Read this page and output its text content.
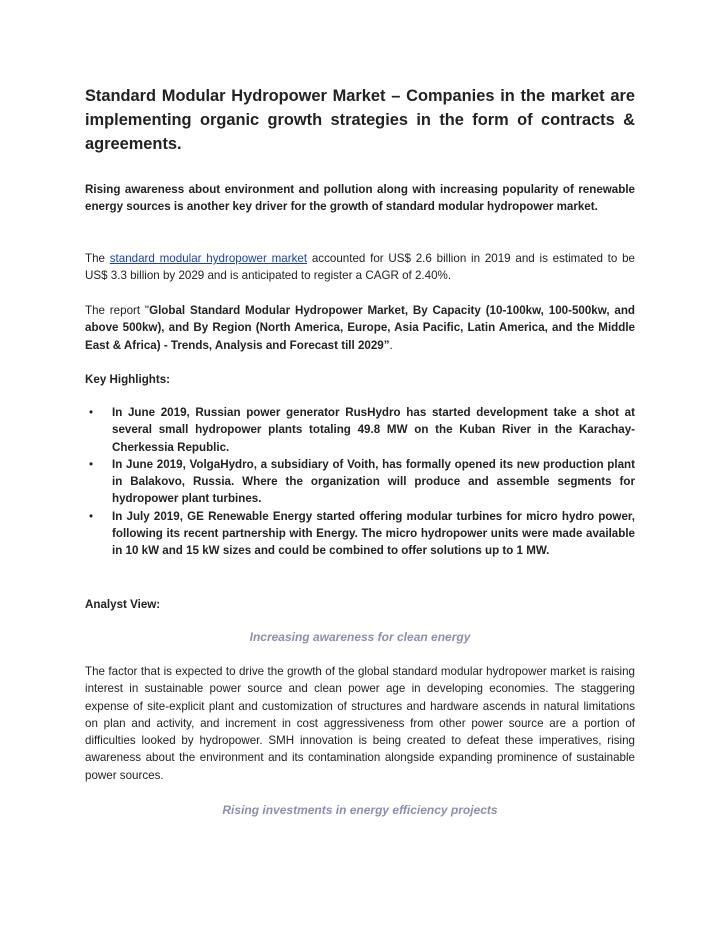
Standard Modular Hydropower Market – Companies in the market are implementing organic growth strategies in the form of contracts & agreements.

Rising awareness about environment and pollution along with increasing popularity of renewable energy sources is another key driver for the growth of standard modular hydropower market.

The standard modular hydropower market accounted for US$ 2.6 billion in 2019 and is estimated to be US$ 3.3 billion by 2029 and is anticipated to register a CAGR of 2.40%.

The report "Global Standard Modular Hydropower Market, By Capacity (10-100kw, 100-500kw, and above 500kw), and By Region (North America, Europe, Asia Pacific, Latin America, and the Middle East & Africa) - Trends, Analysis and Forecast till 2029”.

Key Highlights:

• In June 2019, Russian power generator RusHydro has started development take a shot at several small hydropower plants totaling 49.8 MW on the Kuban River in the Karachay-Cherkessia Republic.
• In June 2019, VolgaHydro, a subsidiary of Voith, has formally opened its new production plant in Balakovo, Russia. Where the organization will produce and assemble segments for hydropower plant turbines.
• In July 2019, GE Renewable Energy started offering modular turbines for micro hydro power, following its recent partnership with Energy. The micro hydropower units were made available in 10 kW and 15 kW sizes and could be combined to offer solutions up to 1 MW.

Analyst View:

Increasing awareness for clean energy

The factor that is expected to drive the growth of the global standard modular hydropower market is raising interest in sustainable power source and clean power age in developing economies. The staggering expense of site-explicit plant and customization of structures and hardware ascends in natural limitations on plan and activity, and increment in cost aggressiveness from other power source are a portion of difficulties looked by hydropower. SMH innovation is being created to defeat these imperatives, rising awareness about the environment and its contamination alongside expanding prominence of sustainable power sources.

Rising investments in energy efficiency projects
